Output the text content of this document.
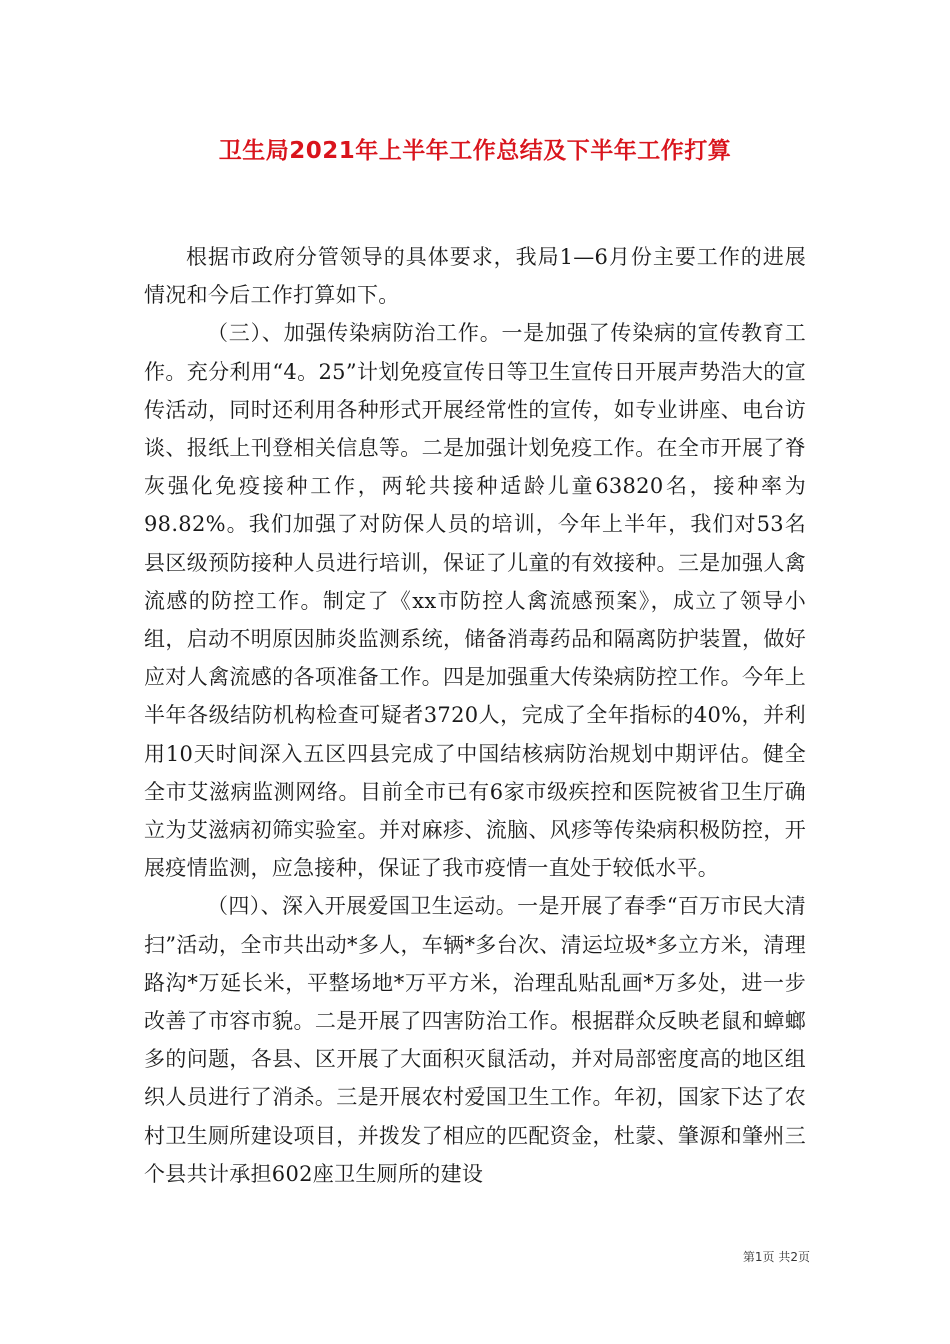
卫生局2021年上半年工作总结及下半年工作打算

根据市政府分管领导的具体要求，我局1—6月份主要工作的进展情况和今后工作打算如下。

（三）、加强传染病防治工作。一是加强了传染病的宣传教育工作。充分利用“4。25”计划免疫宣传日等卫生宣传日开展声势浩大的宣传活动，同时还利用各种形式开展经常性的宣传，如专业讲座、电台访谈、报纸上刊登相关信息等。二是加强计划免疫工作。在全市开展了脊灰强化免疫接种工作，两轮共接种适龄儿童63820名，接种率为98.82%。我们加强了对防保人员的培训，今年上半年，我们对53名县区级预防接种人员进行培训，保证了儿童的有效接种。三是加强人禽流感的防控工作。制定了《xx市防控人禽流感预案》，成立了领导小组，启动不明原因肺炎监测系统，储备消毒药品和隔离防护装置，做好应对人禽流感的各项准备工作。四是加强重大传染病防控工作。今年上半年各级结防机构检查可疑者3720人，完成了全年指标的40%，并利用10天时间深入五区四县完成了中国结核病防治规划中期评估。健全全市艾滋病监测网络。目前全市已有6家市级疾控和医院被省卫生厅确立为艾滋病初筛实验室。并对麻疹、流脑、风疹等传染病积极防控，开展疫情监测，应急接种，保证了我市疫情一直处于较低水平。

（四）、深入开展爱国卫生运动。一是开展了春季“百万市民大清扫”活动，全市共出动*多人，车辆*多台次、清运垃圾*多立方米，清理路沟*万延长米，平整场地*万平方米，治理乱贴乱画*万多处，进一步改善了市容市貌。二是开展了四害防治工作。根据群众反映老鼠和蟑螂多的问题，各县、区开展了大面积灭鼠活动，并对局部密度高的地区组织人员进行了消杀。三是开展农村爱国卫生工作。年初，国家下达了农村卫生厕所建设项目，并拨发了相应的匹配资金，杜蒙、肇源和肇州三个县共计承担602座卫生厕所的建设

第1页 共2页
